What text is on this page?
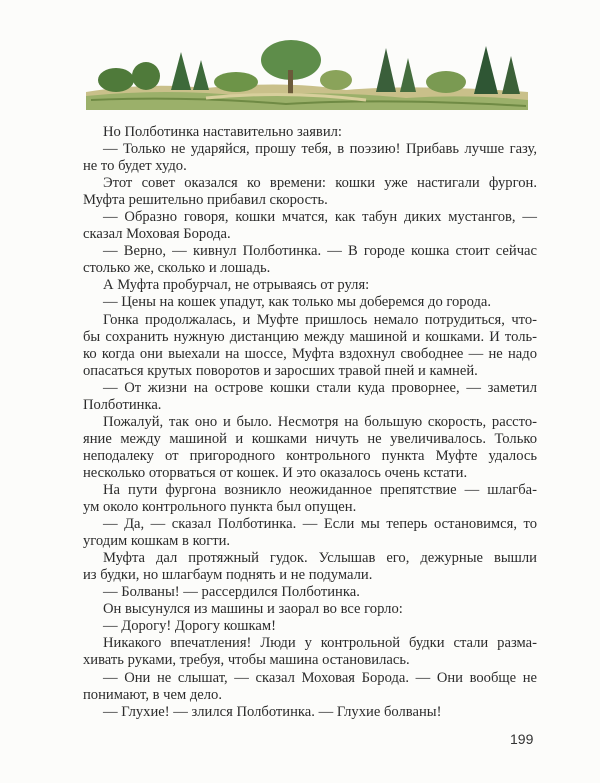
Но Полботинка наставительно заявил:
— Только не ударяйся, прошу тебя, в поэзию! Прибавь лучше газу,
не то будет худо.
Этот совет оказался ко времени: кошки уже настигали фургон.
Муфта решительно прибавил скорость.
— Образно говоря, кошки мчатся, как табун диких мустангов, —
сказал Моховая Борода.
— Верно, — кивнул Полботинка. — В городе кошка стоит сейчас
столько же, сколько и лошадь.
А Муфта пробурчал, не отрываясь от руля:
— Цены на кошек упадут, как только мы доберемся до города.
Гонка продолжалась, и Муфте пришлось немало потрудиться, что-
бы сохранить нужную дистанцию между машиной и кошками. И толь-
ко когда они выехали на шоссе, Муфта вздохнул свободнее — не надо
опасаться крутых поворотов и заросших травой пней и камней.
— От жизни на острове кошки стали куда проворнее, — заметил
Полботинка.
Пожалуй, так оно и было. Несмотря на большую скорость, рассто-
яние между машиной и кошками ничуть не увеличивалось. Только
неподалеку от пригородного контрольного пункта Муфте удалось
несколько оторваться от кошек. И это оказалось очень кстати.
На пути фургона возникло неожиданное препятствие — шлагба-
ум около контрольного пункта был опущен.
— Да, — сказал Полботинка. — Если мы теперь остановимся, то
угодим кошкам в когти.
Муфта дал протяжный гудок. Услышав его, дежурные вышли
из будки, но шлагбаум поднять и не подумали.
— Болваны! — рассердился Полботинка.
Он высунулся из машины и заорал во все горло:
— Дорогу! Дорогу кошкам!
Никакого впечатления! Люди у контрольной будки стали разма-
хивать руками, требуя, чтобы машина остановилась.
— Они не слышат, — сказал Моховая Борода. — Они вообще не
понимают, в чем дело.
— Глухие! — злился Полботинка. — Глухие болваны!
199
